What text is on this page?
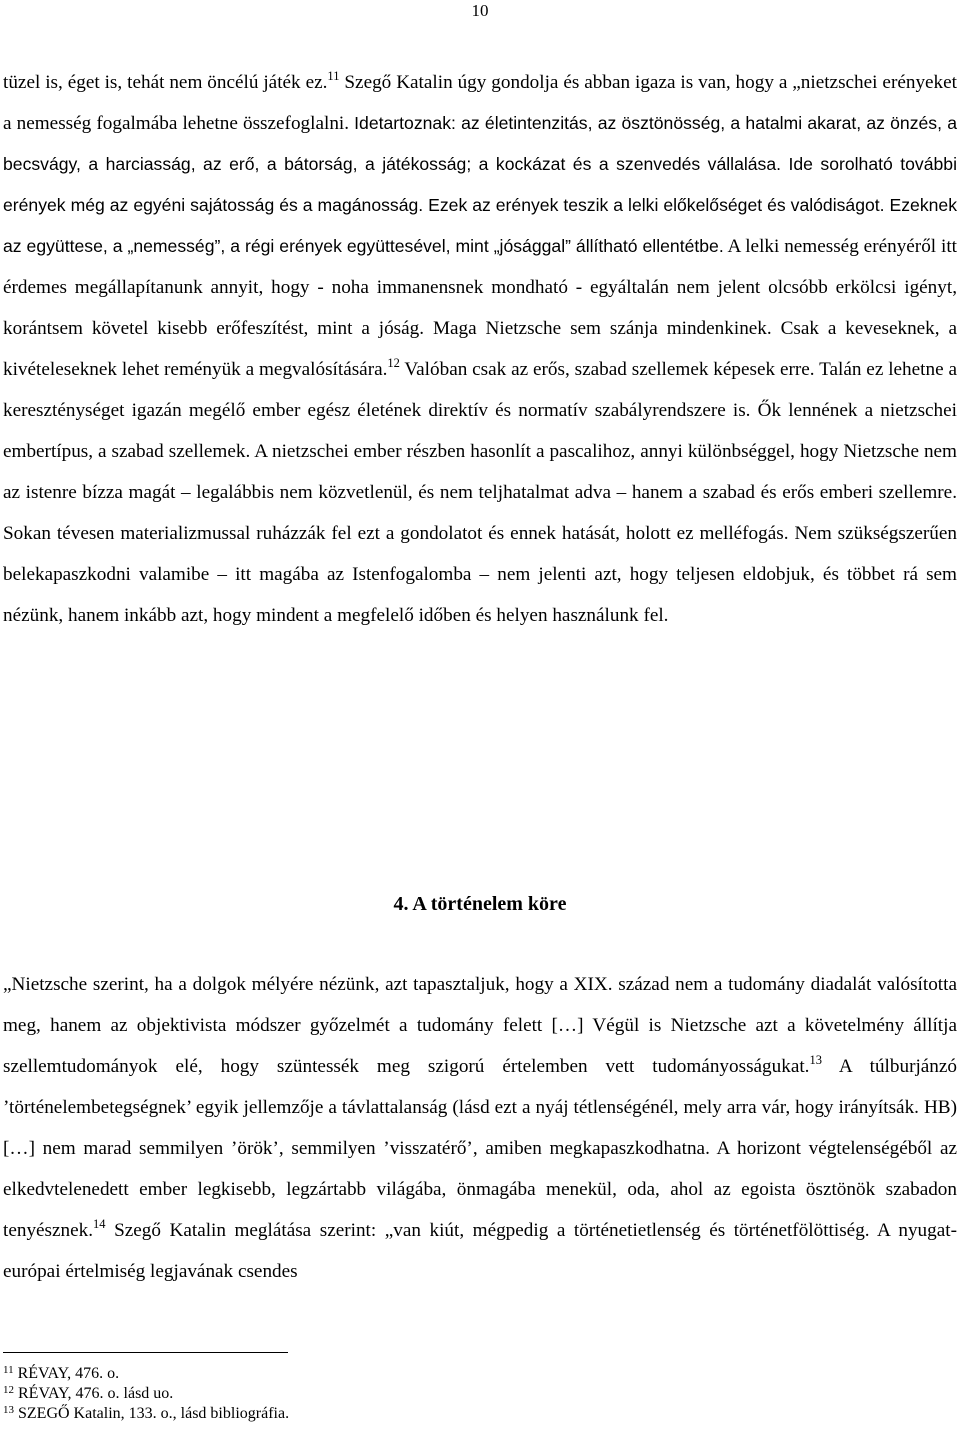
10

tüzel is, éget is, tehát nem öncélú játék ez.$^{11}$ Szegő Katalin úgy gondolja és abban igaza is van, hogy a „nietzschei erényeket a nemesség fogalmába lehetne összefoglalni. Idetartoznak: az életintenzitás, az ösztönösség, a hatalmi akarat, az önzés, a becsvágy, a harciasság, az erő, a bátorság, a játékosság; a kockázat és a szenvedés vállalása. Ide sorolható további erények még az egyéni sajátosság és a magánosság. Ezek az erények teszik a lelki előkelőséget és valódiságot. Ezeknek az együttese, a „nemesség”, a régi erények együttesével, mint „jósággal” állítható ellentétbe. A lelki nemesség erényéről itt érdemes megállapítanunk annyit, hogy - noha immanensnek mondható - egyáltalán nem jelent olcsóbb erkölcsi igényt, korántsem követel kisebb erőfeszítést, mint a jóság. Maga Nietzsche sem szánja mindenkinek. Csak a keveseknek, a kivételeseknek lehet reményük a megvalósítására.$^{12}$ Valóban csak az erős, szabad szellemek képesek erre. Talán ez lehetne a kereszténységet igazán megélő ember egész életének direktív és normatív szabályrendszere is. Ők lennének a nietzschei embertípus, a szabad szellemek. A nietzschei ember részben hasonlít a pascalihoz, annyi különbséggel, hogy Nietzsche nem az istenre bízza magát – legalábbis nem közvetlenül, és nem teljhatalmat adva – hanem a szabad és erős emberi szellemre. Sokan tévesen materializmussal ruházzák fel ezt a gondolatot és ennek hatását, holott ez melléfogás. Nem szükségszerűen belekapaszkodni valamibe – itt magába az Istenfogalomba – nem jelenti azt, hogy teljesen eldobjuk, és többet rá sem nézünk, hanem inkább azt, hogy mindent a megfelelő időben és helyen használunk fel.

4. A történelem köre

„Nietzsche szerint, ha a dolgok mélyére nézünk, azt tapasztaljuk, hogy a XIX. század nem a tudomány diadalát valósította meg, hanem az objektivista módszer győzelmét a tudomány felett […] Végül is Nietzsche azt a követelmény állítja szellemtudományok elé, hogy szüntessék meg szigorú értelemben vett tudományosságukat.$^{13}$ A túlburjánzó ’történelembetegségnek’ egyik jellemzője a távlattalanság (lásd ezt a nyáj tétlenségénél, mely arra vár, hogy irányítsák. HB) […] nem marad semmilyen ’örök’, semmilyen ’visszatérő’, amiben megkapaszkodhatna. A horizont végtelenségéből az elkedvtelenedett ember legkisebb, legzártabb világába, önmagába menekül, oda, ahol az egoista ösztönök szabadon tenyésznek.$^{14}$ Szegő Katalin meglátása szerint: „van kiút, mégpedig a történetietlenség és történetfölöttiség. A nyugat-európai értelmiség legjavának csendes

$^{11}$ RÉVAY, 476. o.
$^{12}$ RÉVAY, 476. o. lásd uo.
$^{13}$ SZEGŐ Katalin, 133. o., lásd bibliográfia.
